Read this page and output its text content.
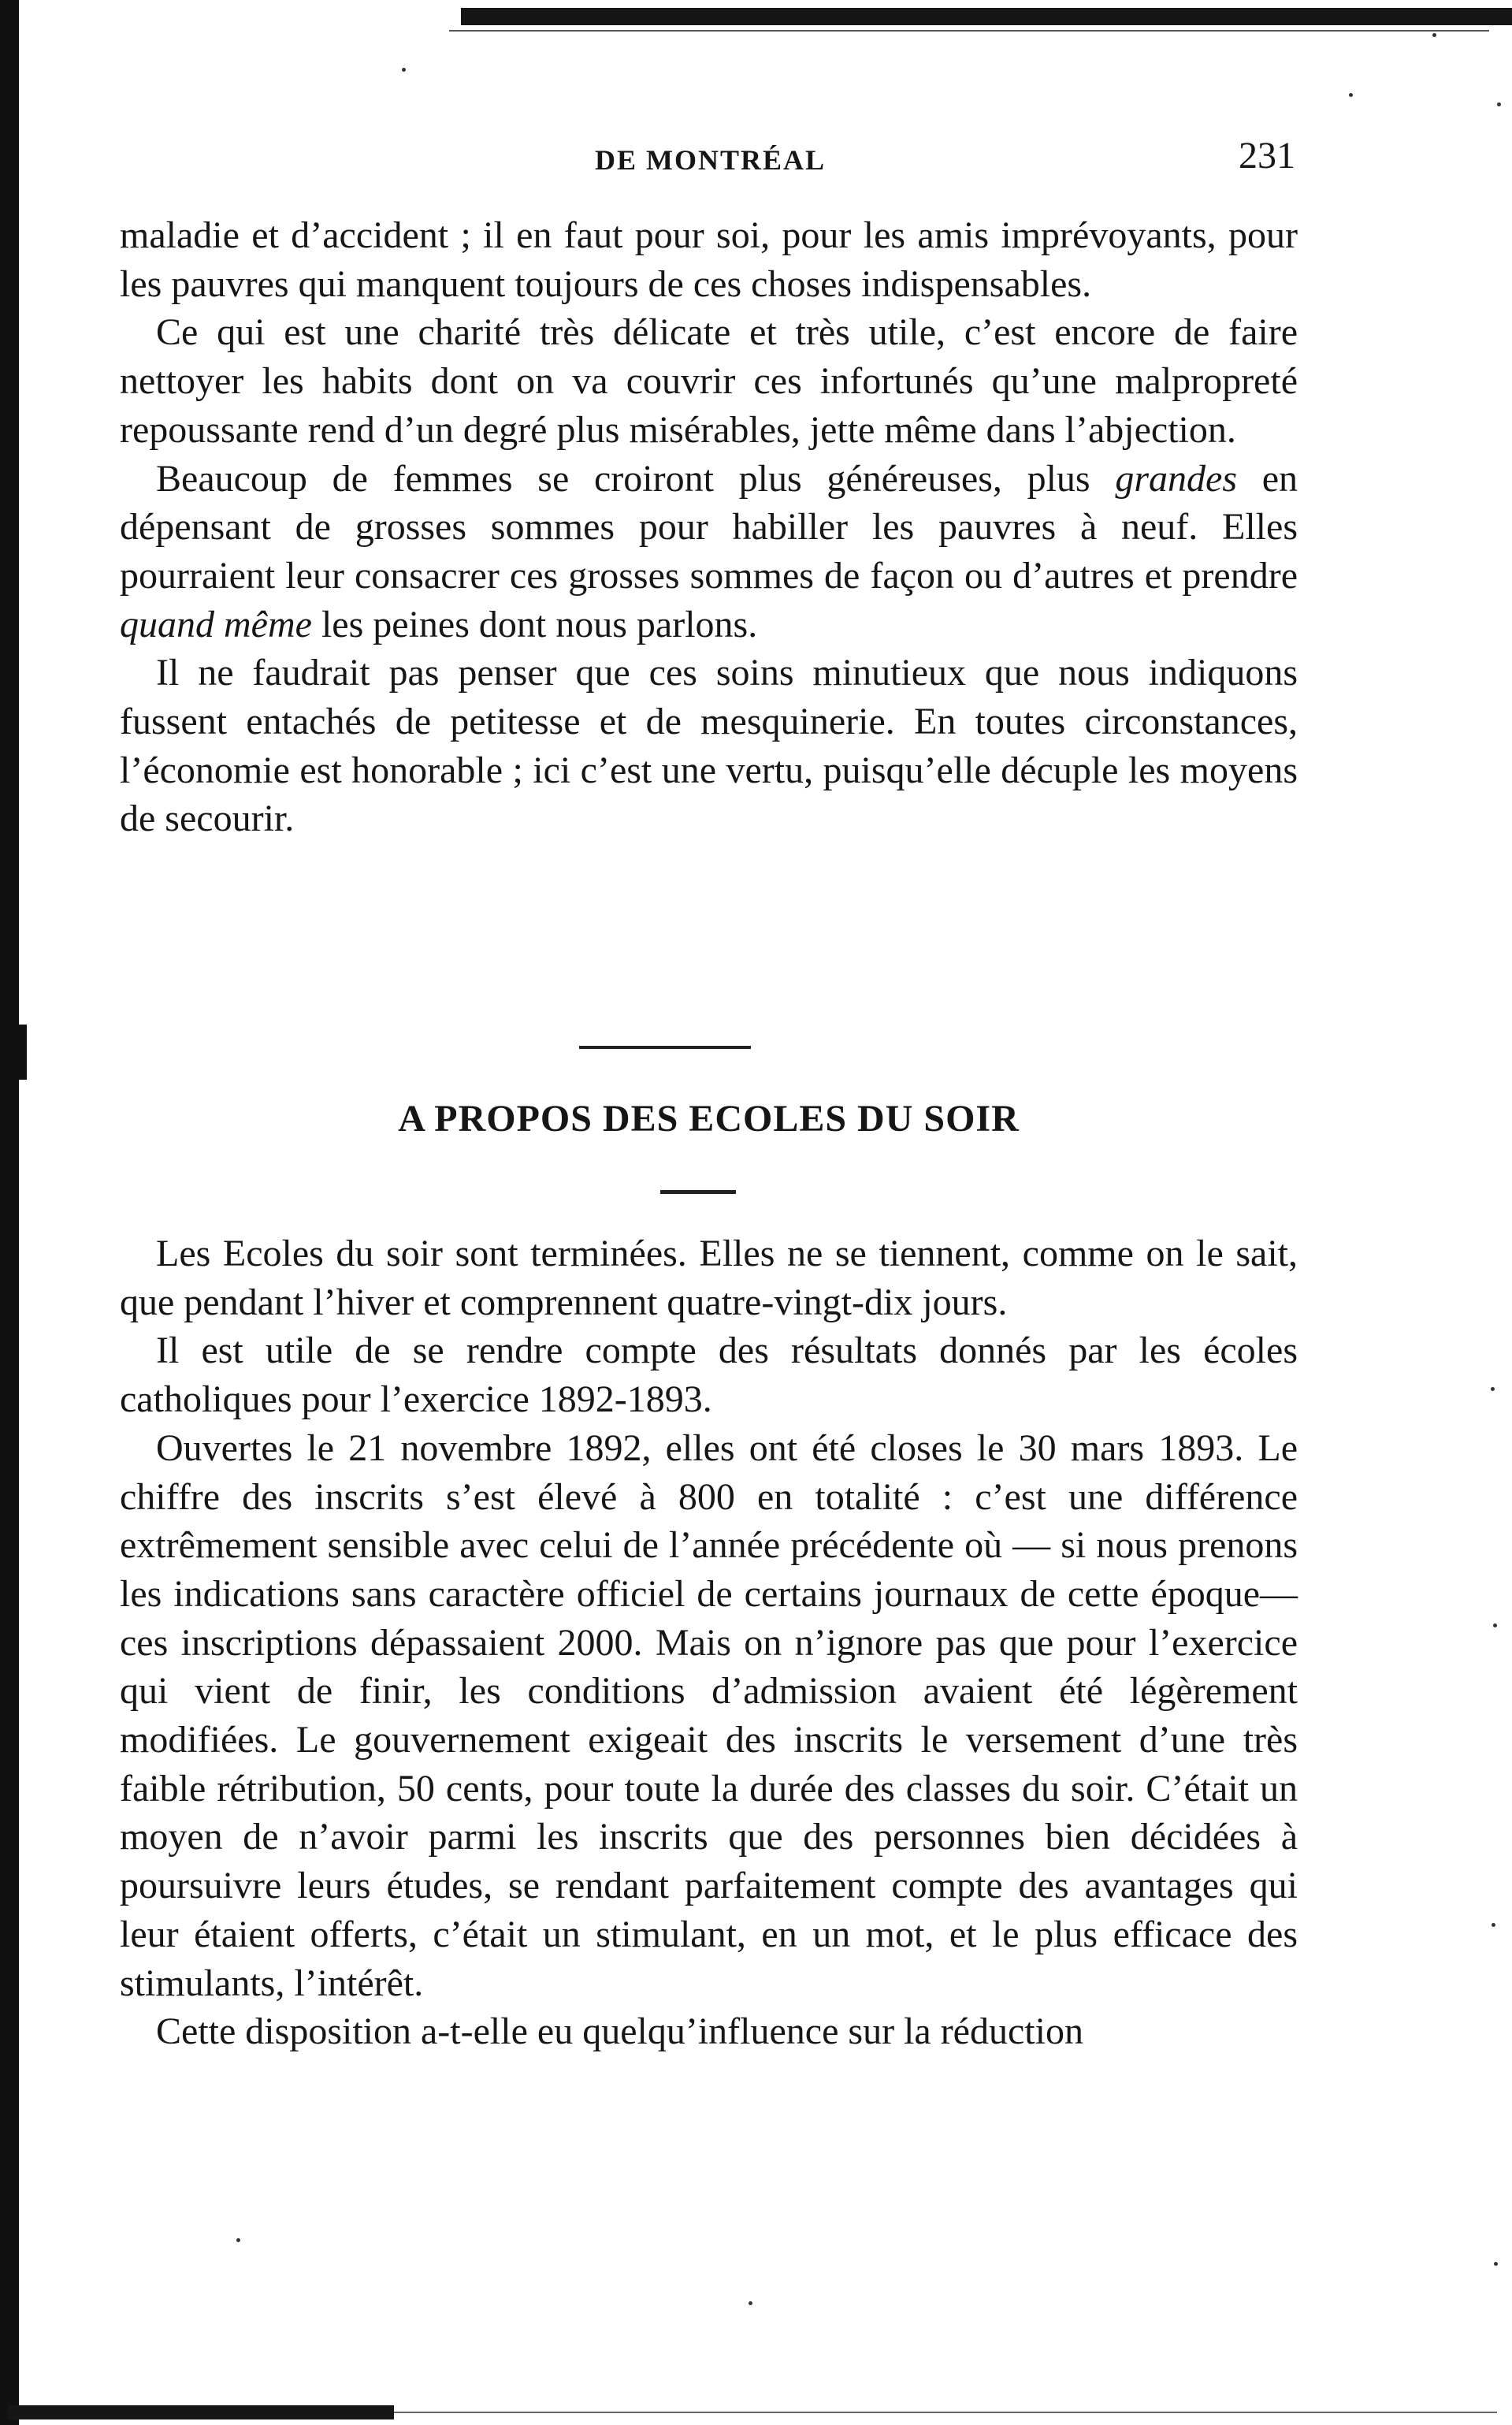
DE MONTRÉAL	231

maladie et d’accident ; il en faut pour soi, pour les amis imprévoyants, pour les pauvres qui manquent toujours de ces choses indispensables.

Ce qui est une charité très délicate et très utile, c’est encore de faire nettoyer les habits dont on va couvrir ces infortunés qu’une malpropreté repoussante rend d’un degré plus misérables, jette même dans l’abjection.

Beaucoup de femmes se croiront plus généreuses, plus grandes en dépensant de grosses sommes pour habiller les pauvres à neuf. Elles pourraient leur consacrer ces grosses sommes de façon ou d’autres et prendre quand même les peines dont nous parlons.

Il ne faudrait pas penser que ces soins minutieux que nous indiquons fussent entachés de petitesse et de mesquinerie. En toutes circonstances, l’économie est honorable ; ici c’est une vertu, puisqu’elle décuple les moyens de secourir.

A PROPOS DES ECOLES DU SOIR

Les Ecoles du soir sont terminées. Elles ne se tiennent, comme on le sait, que pendant l’hiver et comprennent quatre-vingt-dix jours.

Il est utile de se rendre compte des résultats donnés par les écoles catholiques pour l’exercice 1892-1893.

Ouvertes le 21 novembre 1892, elles ont été closes le 30 mars 1893. Le chiffre des inscrits s’est élevé à 800 en totalité : c’est une différence extrêmement sensible avec celui de l’année précédente où — si nous prenons les indications sans caractère officiel de certains journaux de cette époque—ces inscriptions dépassaient 2000. Mais on n’ignore pas que pour l’exercice qui vient de finir, les conditions d’admission avaient été légèrement modifiées. Le gouvernement exigeait des inscrits le versement d’une très faible rétribution, 50 cents, pour toute la durée des classes du soir. C’était un moyen de n’avoir parmi les inscrits que des personnes bien décidées à poursuivre leurs études, se rendant parfaitement compte des avantages qui leur étaient offerts, c’était un stimulant, en un mot, et le plus efficace des stimulants, l’intérêt.

Cette disposition a-t-elle eu quelqu’influence sur la réduction
